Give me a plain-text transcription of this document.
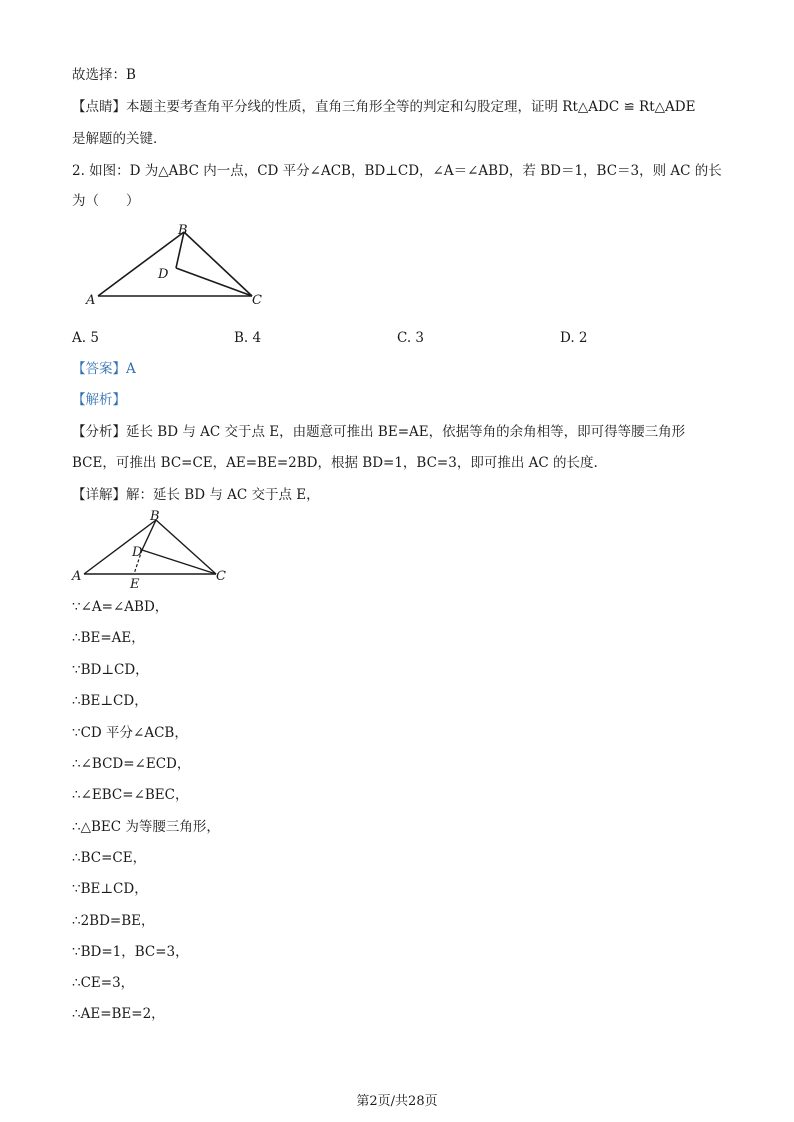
故选择：B
【点睛】本题主要考查角平分线的性质，直角三角形全等的判定和勾股定理，证明 Rt△ADC ≌ Rt△ADE
是解题的关键．
2. 如图：D 为△ABC 内一点，CD 平分∠ACB，BD⊥CD，∠A＝∠ABD，若 BD＝1，BC＝3，则 AC 的长
为（　　）
A
B
C
D
A. 5	B. 4	C. 3	D. 2
【答案】A
【解析】
【分析】延长 BD 与 AC 交于点 E，由题意可推出 BE=AE，依据等角的余角相等，即可得等腰三角形
BCE，可推出 BC=CE，AE=BE=2BD，根据 BD=1，BC=3，即可推出 AC 的长度.
【详解】解：延长 BD 与 AC 交于点 E，
A
B
C
D
E
∵∠A=∠ABD，
∴BE=AE，
∵BD⊥CD，
∴BE⊥CD，
∵CD 平分∠ACB，
∴∠BCD=∠ECD，
∴∠EBC=∠BEC，
∴△BEC 为等腰三角形，
∴BC=CE，
∵BE⊥CD，
∴2BD=BE，
∵BD=1，BC=3，
∴CE=3，
∴AE=BE=2，
第2页/共28页
